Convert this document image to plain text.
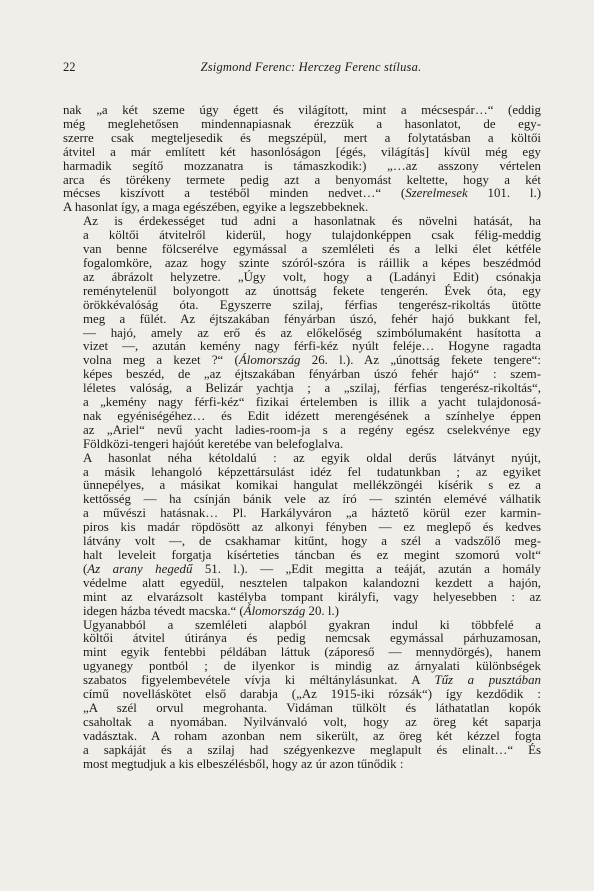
22	Zsigmond Ferenc: Herczeg Ferenc stílusa.
nak „a két szeme úgy égett és világított, mint a mécsespár…“ (eddig
még meglehetősen mindennapiasnak érezzük a hasonlatot, de egy-
szerre csak megteljesedik és megszépül, mert a folytatásban a költői
átvitel a már említett két hasonlóságon [égés, világítás] kívül még egy
harmadik segítő mozzanatra is támaszkodik:) „…az asszony vértelen
arca és törékeny termete pedig azt a benyomást keltette, hogy a két
mécses kiszívott a testéből minden nedvet…“ (Szerelmesek 101. l.)
A hasonlat így, a maga egészében, egyike a legszebbeknek.
Az is érdekességet tud adni a hasonlatnak és növelni hatását, ha
a költői átvitelről kiderül, hogy tulajdonképpen csak félig-meddig
van benne fölcserélve egymással a szemléleti és a lelki élet kétféle
fogalomköre, azaz hogy szinte szóról-szóra is ráillik a képes beszédmód
az ábrázolt helyzetre. „Úgy volt, hogy a (Ladányi Edit) csónakja
reménytelenül bolyongott az únottság fekete tengerén. Évek óta, egy
örökkévalóság óta. Egyszerre szilaj, férfias tengerész-rikoltás ütötte
meg a fülét. Az éjtszakában fényárban úszó, fehér hajó bukkant fel,
— hajó, amely az erő és az előkelőség szimbólumaként hasította a
vizet —, azután kemény nagy férfi-kéz nyúlt feléje… Hogyne ragadta
volna meg a kezet ?“ (Álomország 26. l.). Az „únottság fekete tengere“:
képes beszéd, de „az éjtszakában fényárban úszó fehér hajó“ : szem-
léletes valóság, a Belizár yachtja ; a „szilaj, férfias tengerész-rikoltás“,
a „kemény nagy férfi-kéz“ fizikai értelemben is illik a yacht tulajdonosá-
nak egyéniségéhez… és Edit idézett merengésének a színhelye éppen
az „Ariel“ nevű yacht ladies-room-ja s a regény egész cselekvénye egy
Földközi-tengeri hajóút keretébe van belefoglalva.
A hasonlat néha kétoldalú : az egyik oldal derűs látványt nyújt,
a másik lehangoló képzettársulást idéz fel tudatunkban ; az egyiket
ünnepélyes, a másikat komikai hangulat mellékzöngéi kísérik s ez a
kettősség — ha csínján bánik vele az író — szintén elemévé válhatik
a művészi hatásnak… Pl. Harkályváron „a háztető körül ezer karmin-
piros kis madár röpdösött az alkonyi fényben — ez meglepő és kedves
látvány volt —, de csakhamar kitűnt, hogy a szél a vadszőlő meg-
halt leveleit forgatja kísérteties táncban és ez megint szomorú volt“
(Az arany hegedű 51. l.). — „Edit megitta a teáját, azután a homály
védelme alatt egyedül, nesztelen talpakon kalandozni kezdett a hajón,
mint az elvarázsolt kastélyba tompant királyfi, vagy helyesebben : az
idegen házba tévedt macska.“ (Álomország 20. l.)
Ugyanabból a szemléleti alapból gyakran indul ki többfelé a
költői átvitel útiránya és pedig nemcsak egymással párhuzamosan,
mint egyik fentebbi példában láttuk (záporeső — mennydörgés), hanem
ugyanegy pontból ; de ilyenkor is mindig az árnyalati különbségek
szabatos figyelembevétele vívja ki méltánylásunkat. A Tűz a pusztában
című novelláskötet első darabja („Az 1915-iki rózsák“) így kezdődik :
„A szél orvul megrohanta. Vidáman tülkölt és láthatatlan kopók
csaholtak a nyomában. Nyilvánvaló volt, hogy az öreg két saparja
vadásztak. A roham azonban nem sikerült, az öreg két kézzel fogta
a sapkáját és a szilaj had szégyenkezve meglapult és elinalt…“ És
most megtudjuk a kis elbeszélésből, hogy az úr azon tűnődik :
